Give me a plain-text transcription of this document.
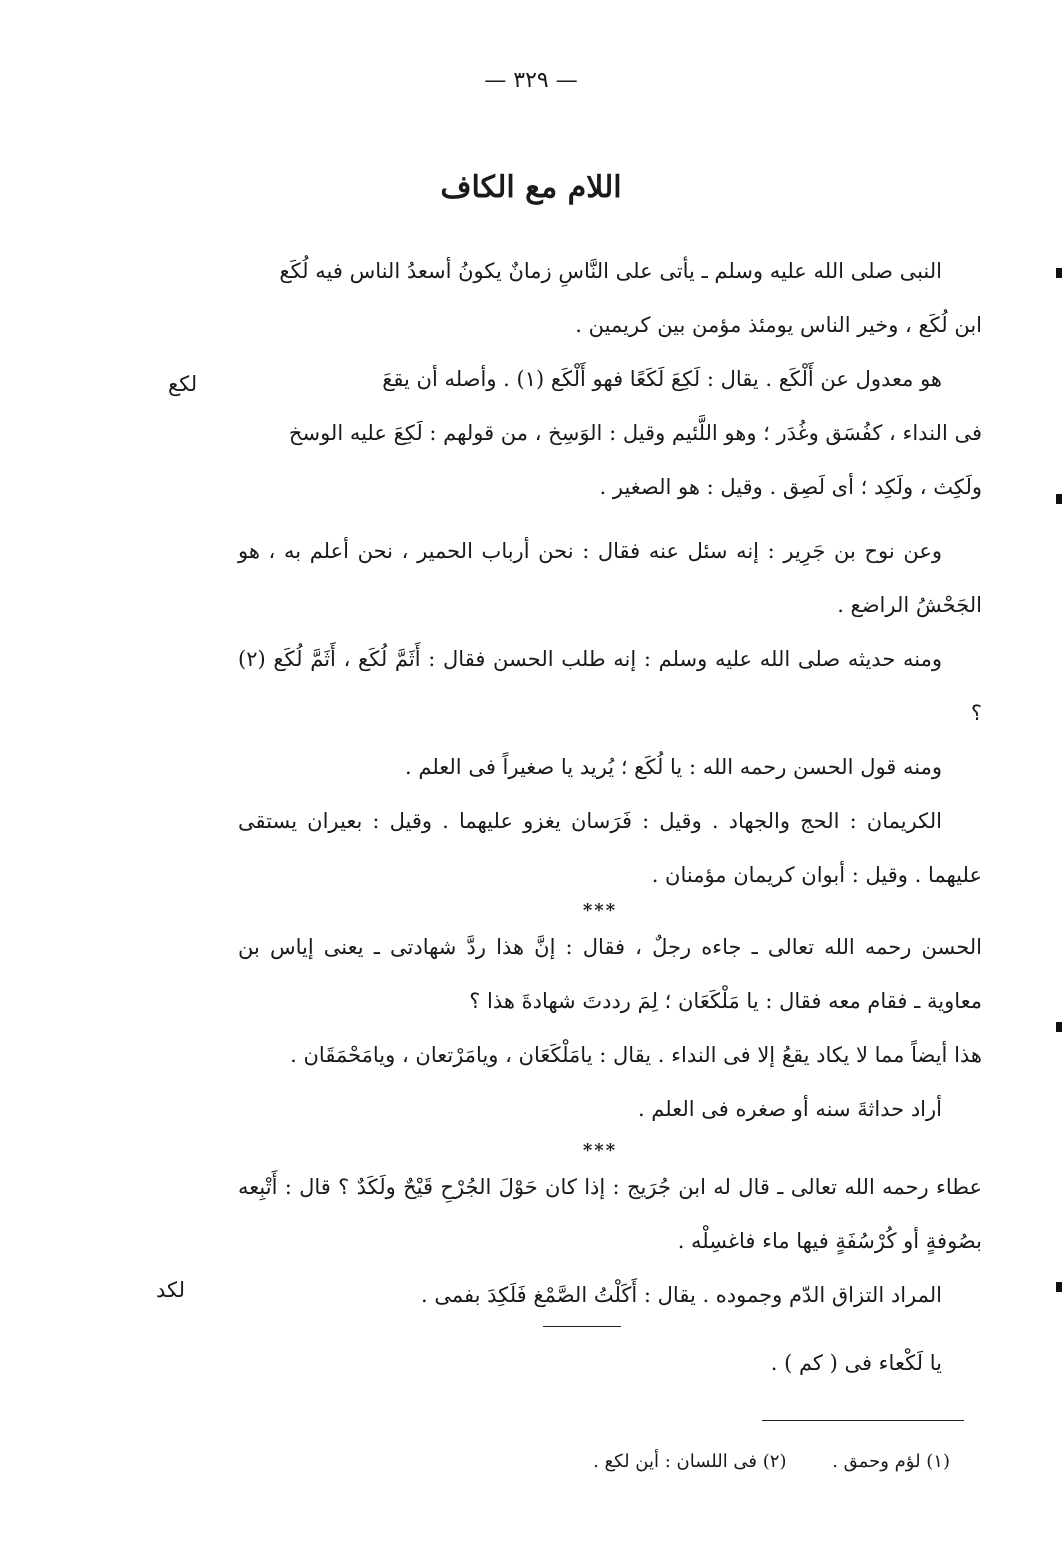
— ٣٢٩ —
اللام مع الكاف
لكع
لكد

النبى صلى الله عليه وسلم ـ يأتى على النَّاسِ زمانٌ يكونُ أسعدُ الناس فيه لُكَع

ابن لُكَع ، وخير الناس يومئذ مؤمن بين كريمين .

هو معدول عن أَلْكَع . يقال : لَكِعَ لَكَعًا فهو أَلْكَع (١) . وأصله أن يقعَ

فى النداء ، كفُسَق وغُدَر ؛ وهو اللَّئيم وقيل : الوَسِخ ، من قولهم : لَكِعَ عليه الوسخ

ولَكِث ، ولَكِد ؛ أى لَصِق . وقيل : هو الصغير .

وعن نوح بن جَرِير : إنه سئل عنه فقال : نحن أرباب الحمير ، نحن أعلم به ، هو الجَحْشُ الراضع .

ومنه حديثه صلى الله عليه وسلم : إنه طلب الحسن فقال : أَثَمَّ لُكَع ، أَثَمَّ لُكَع (٢) ؟

ومنه قول الحسن رحمه الله : يا لُكَع ؛ يُريد يا صغيراً فى العلم .

الكريمان : الحج والجهاد . وقيل : فَرَسان يغزو عليهما . وقيل : بعيران يستقى عليهما . وقيل : أبوان كريمان مؤمنان .

***

الحسن رحمه الله تعالى ـ جاءه رجلٌ ، فقال : إنَّ هذا ردَّ شهادتى ـ يعنى إياس بن معاوية ـ فقام معه فقال : يا مَلْكَعَان ؛ لِمَ رددتَ شهادةَ هذا ؟

هذا أيضاً مما لا يكاد يقعُ إلا فى النداء . يقال : يامَلْكَعَان ، ويامَرْتعان ، ويامَحْمَقَان .

أراد حداثةَ سنه أو صغره فى العلم .

***

عطاء رحمه الله تعالى ـ قال له ابن جُرَيج : إذا كان حَوْلَ الجُرْحِ قَيْحٌ ولَكَدٌ ؟ قال : أَتْبِعه بصُوفةٍ أو كُرْسُفَةٍ فيها ماء فاغسِلْه .

المراد التزاق الدّم وجموده . يقال : أَكَلْتُ الصَّمْغ فَلَكِدَ بفمى .

يا لَكْعاء فى ( كم ) .

(١) لؤم وحمق . (٢) فى اللسان : أين لكع .
